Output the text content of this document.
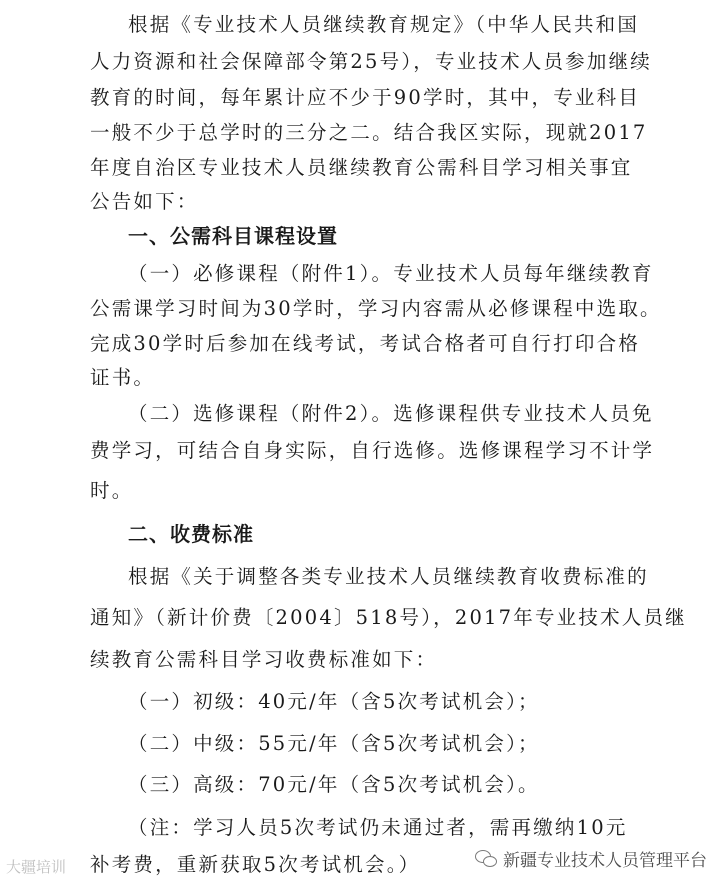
根据《专业技术人员继续教育规定》（中华人民共和国
人力资源和社会保障部令第25号），专业技术人员参加继续
教育的时间，每年累计应不少于90学时，其中，专业科目
一般不少于总学时的三分之二。结合我区实际，现就2017
年度自治区专业技术人员继续教育公需科目学习相关事宜
公告如下：
一、公需科目课程设置
（一）必修课程（附件1）。专业技术人员每年继续教育
公需课学习时间为30学时，学习内容需从必修课程中选取。
完成30学时后参加在线考试，考试合格者可自行打印合格
证书。
（二）选修课程（附件2）。选修课程供专业技术人员免
费学习，可结合自身实际，自行选修。选修课程学习不计学
时。
二、收费标准
根据《关于调整各类专业技术人员继续教育收费标准的
通知》（新计价费〔2004〕518号），2017年专业技术人员继
续教育公需科目学习收费标准如下：
（一）初级：40元/年（含5次考试机会）；
（二）中级：55元/年（含5次考试机会）；
（三）高级：70元/年（含5次考试机会）。
（注：学习人员5次考试仍未通过者，需再缴纳10元
补考费，重新获取5次考试机会。）
大疆培训	新疆专业技术人员管理平台
